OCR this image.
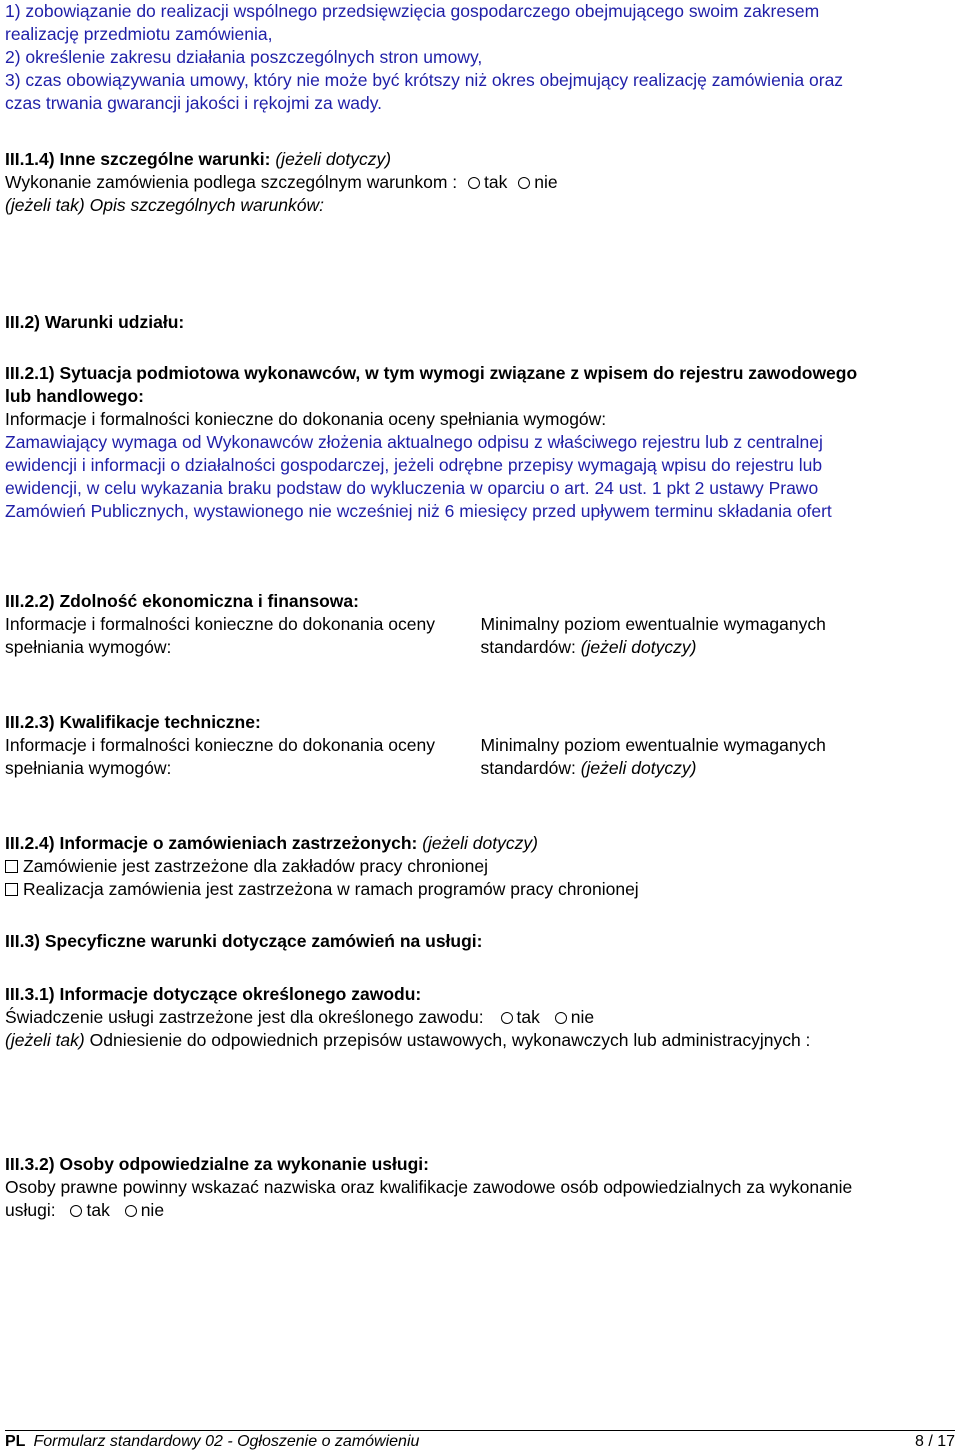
1) zobowiązanie do realizacji wspólnego przedsięwzięcia gospodarczego obejmującego swoim zakresem
realizację przedmiotu zamówienia,
2) określenie zakresu działania poszczególnych stron umowy,
3) czas obowiązywania umowy, który nie może być krótszy niż okres obejmujący realizację zamówienia oraz
czas trwania gwarancji jakości i rękojmi za wady.
III.1.4) Inne szczególne warunki: (jeżeli dotyczy)
Wykonanie zamówienia podlega szczególnym warunkom : tak nie
(jeżeli tak) Opis szczególnych warunków:
III.2) Warunki udziału:
III.2.1) Sytuacja podmiotowa wykonawców, w tym wymogi związane z wpisem do rejestru zawodowego
lub handlowego:
Informacje i formalności konieczne do dokonania oceny spełniania wymogów:
Zamawiający wymaga od Wykonawców złożenia aktualnego odpisu z właściwego rejestru lub z centralnej
ewidencji i informacji o działalności gospodarczej, jeżeli odrębne przepisy wymagają wpisu do rejestru lub
ewidencji, w celu wykazania braku podstaw do wykluczenia w oparciu o art. 24 ust. 1 pkt 2 ustawy Prawo
Zamówień Publicznych, wystawionego nie wcześniej niż 6 miesięcy przed upływem terminu składania ofert
III.2.2) Zdolność ekonomiczna i finansowa:
Informacje i formalności konieczne do dokonania oceny
spełniania wymogów:
Minimalny poziom ewentualnie wymaganych
standardów: (jeżeli dotyczy)
III.2.3) Kwalifikacje techniczne:
Informacje i formalności konieczne do dokonania oceny
spełniania wymogów:
Minimalny poziom ewentualnie wymaganych
standardów: (jeżeli dotyczy)
III.2.4) Informacje o zamówieniach zastrzeżonych: (jeżeli dotyczy)
Zamówienie jest zastrzeżone dla zakładów pracy chronionej
Realizacja zamówienia jest zastrzeżona w ramach programów pracy chronionej
III.3) Specyficzne warunki dotyczące zamówień na usługi:
III.3.1) Informacje dotyczące określonego zawodu:
Świadczenie usługi zastrzeżone jest dla określonego zawodu: tak nie
(jeżeli tak) Odniesienie do odpowiednich przepisów ustawowych, wykonawczych lub administracyjnych :
III.3.2) Osoby odpowiedzialne za wykonanie usługi:
Osoby prawne powinny wskazać nazwiska oraz kwalifikacje zawodowe osób odpowiedzialnych za wykonanie
usługi: tak nie
PL Formularz standardowy 02 - Ogłoszenie o zamówieniu	8 / 17
